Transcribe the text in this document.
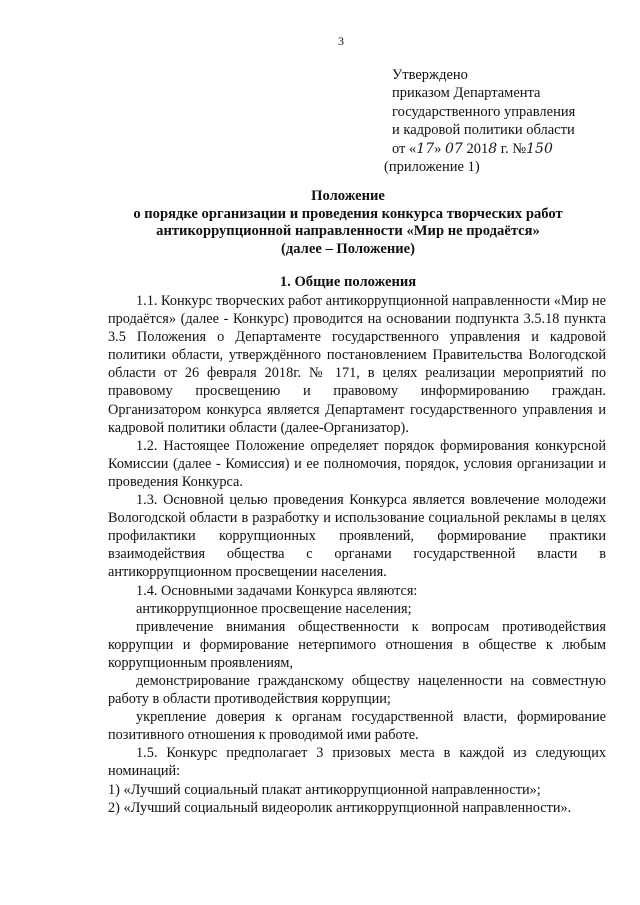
3
Утверждено
приказом Департамента
государственного управления
и кадровой политики области
от «17» 07 2018 г. №150
(приложение 1)
Положение
о порядке организации и проведения конкурса творческих работ
антикоррупционной направленности «Мир не продаётся»
(далее – Положение)
1. Общие положения

1.1. Конкурс творческих работ антикоррупционной направленности «Мир не продаётся» (далее - Конкурс) проводится на основании подпункта 3.5.18 пункта 3.5 Положения о Департаменте государственного управления и кадровой политики области, утверждённого постановлением Правительства Вологодской области от 26 февраля 2018г. № 171, в целях реализации мероприятий по правовому просвещению и правовому информированию граждан. Организатором конкурса является Департамент государственного управления и кадровой политики области (далее-Организатор).

1.2. Настоящее Положение определяет порядок формирования конкурсной Комиссии (далее - Комиссия) и ее полномочия, порядок, условия организации и проведения Конкурса.

1.3. Основной целью проведения Конкурса является вовлечение молодежи Вологодской области в разработку и использование социальной рекламы в целях профилактики коррупционных проявлений, формирование практики взаимодействия общества с органами государственной власти в антикоррупционном просвещении населения.

1.4. Основными задачами Конкурса являются:

антикоррупционное просвещение населения;

привлечение внимания общественности к вопросам противодействия коррупции и формирование нетерпимого отношения в обществе к любым коррупционным проявлениям,

демонстрирование гражданскому обществу нацеленности на совместную работу в области противодействия коррупции;

укрепление доверия к органам государственной власти, формирование позитивного отношения к проводимой ими работе.

1.5. Конкурс предполагает 3 призовых места в каждой из следующих номинаций:

1) «Лучший социальный плакат антикоррупционной направленности»;

2) «Лучший социальный видеоролик антикоррупционной направленности».
